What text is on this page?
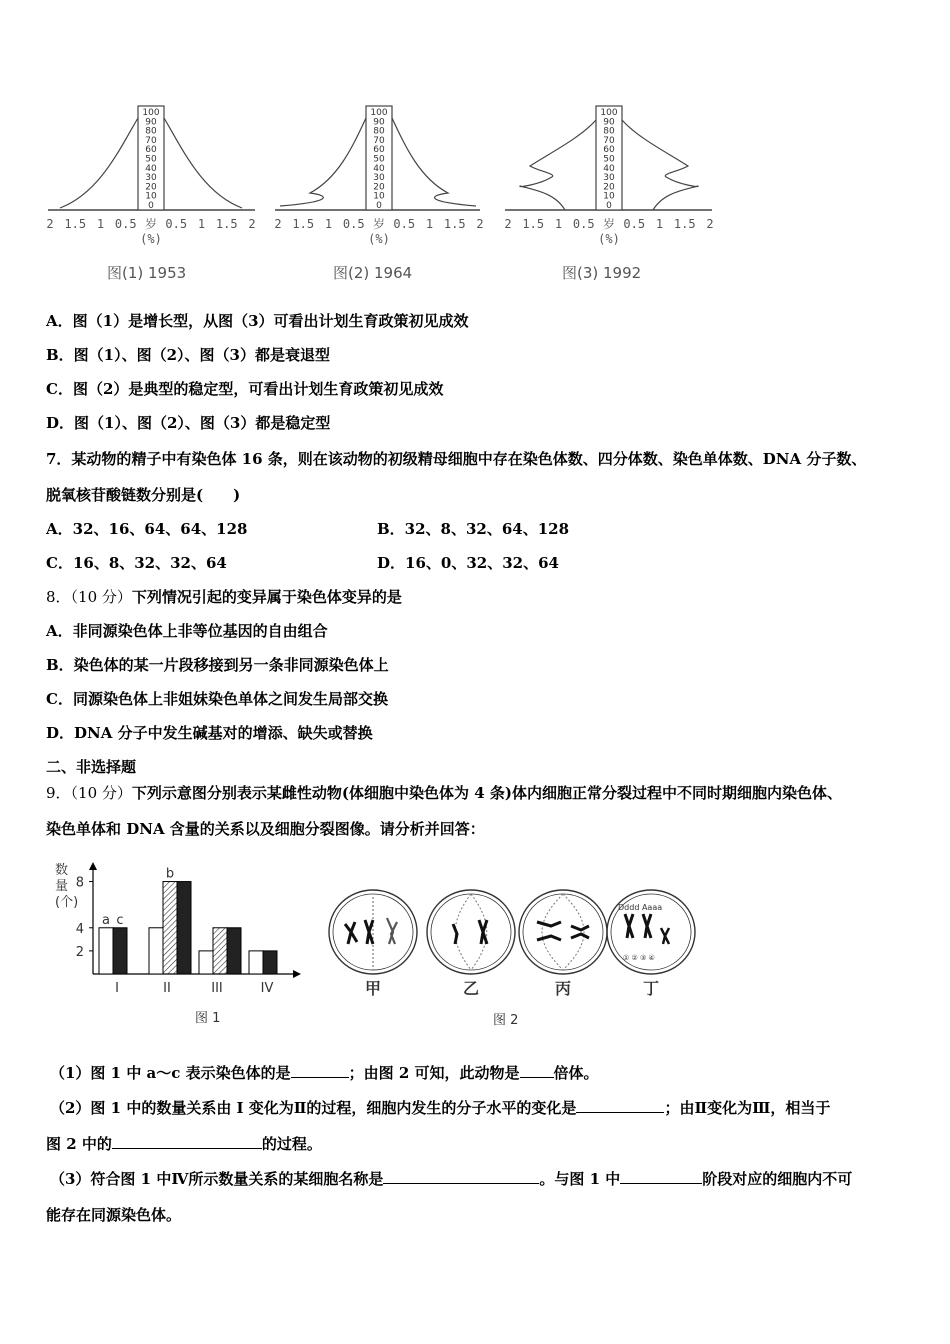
100
90
80
70
60
50
40
30
20
10
0
100
90
80
70
60
50
40
30
20
10
0
100
90
80
70
60
50
40
30
20
10
0
2 1.5 1 0.5 岁 0.5 1 1.5 2
(%)
2 1.5 1 0.5 岁 0.5 1 1.5 2
(%)
2 1.5 1 0.5 岁 0.5 1 1.5 2
(%)
图(1) 1953	图(2) 1964	图(3) 1992
A．图（1）是增长型，从图（3）可看出计划生育政策初见成效
B．图（1）、图（2）、图（3）都是衰退型
C．图（2）是典型的稳定型，可看出计划生育政策初见成效
D．图（1）、图（2）、图（3）都是稳定型
7．某动物的精子中有染色体 16 条，则在该动物的初级精母细胞中存在染色体数、四分体数、染色单体数、DNA 分子数、
脱氧核苷酸链数分别是(　　)
A．32、16、64、64、128	B．32、8、32、64、128
C．16、8、32、32、64	D．16、0、32、32、64
8．（10 分）下列情况引起的变异属于染色体变异的是
A．非同源染色体上非等位基因的自由组合
B．染色体的某一片段移接到另一条非同源染色体上
C．同源染色体上非姐妹染色单体之间发生局部交换
D．DNA 分子中发生碱基对的增添、缺失或替换
二、非选择题
9．（10 分）下列示意图分别表示某雌性动物(体细胞中染色体为 4 条)体内细胞正常分裂过程中不同时期细胞内染色体、
染色单体和 DNA 含量的关系以及细胞分裂图像。请分析并回答：
数
量
(个)
2
4
8
a c
b
I	II	III	IV
图 1
Dddd Aaaa
① ② ③ ④
甲	乙	丙	丁
图 2
（1）图 1 中 a～c 表示染色体的是	；由图 2 可知，此动物是 倍体。
（2）图 1 中的数量关系由 I 变化为Ⅱ的过程，细胞内发生的分子水平的变化是	；由Ⅱ变化为Ⅲ，相当于
图 2 中的	的过程。
（3）符合图 1 中Ⅳ所示数量关系的某细胞名称是	。与图 1 中	阶段对应的细胞内不可
能存在同源染色体。
